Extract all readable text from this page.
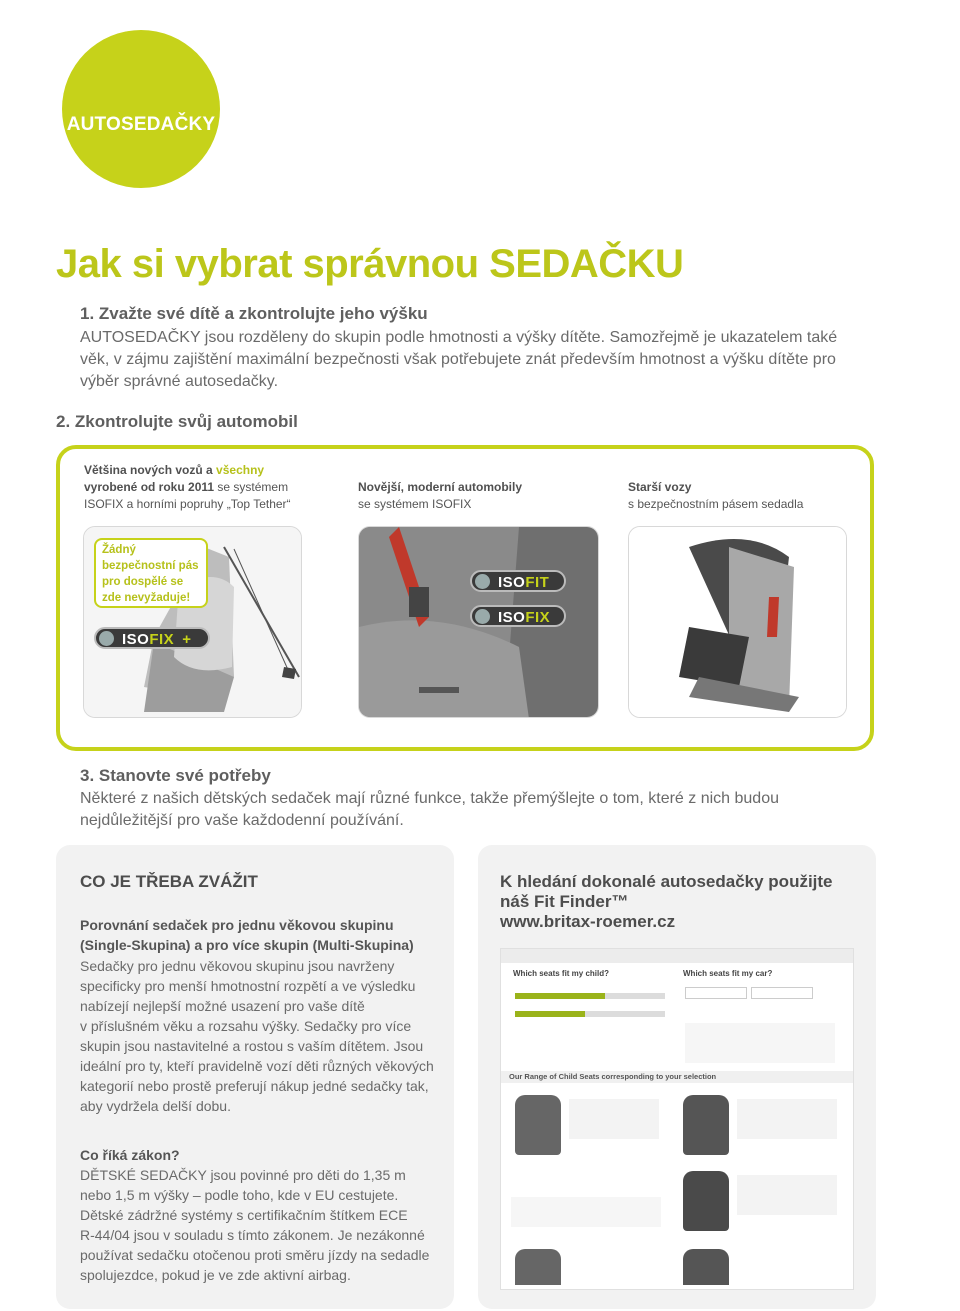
AUTOSEDAČKY
Jak si vybrat správnou SEDAČKU
1. Zvažte své dítě a zkontrolujte jeho výšku
AUTOSEDAČKY jsou rozděleny do skupin podle hmotnosti a výšky dítěte. Samozřejmě je ukazatelem také
věk, v zájmu zajištění maximální bezpečnosti však potřebujete znát především hmotnost a výšku dítěte pro
výběr správné autosedačky.
2. Zkontrolujte svůj automobil
Většina nových vozů a všechny
vyrobené od roku 2011 se systémem
ISOFIX a horními popruhy „Top Tether“
Novější, moderní automobily
se systémem ISOFIX
Starší vozy
s bezpečnostním pásem sedadla
Žádný
bezpečnostní pás
pro dospělé se
zde nevyžaduje!
ISOFIX +
ISOFIT
ISOFIX
3. Stanovte své potřeby
Některé z našich dětských sedaček mají různé funkce, takže přemýšlejte o tom, které z nich budou
nejdůležitější pro vaše každodenní používání.
CO JE TŘEBA ZVÁŽIT
Porovnání sedaček pro jednu věkovou skupinu
(Single-Skupina) a pro více skupin (Multi-Skupina)
Sedačky pro jednu věkovou skupinu jsou navrženy
specificky pro menší hmotnostní rozpětí a ve výsledku
nabízejí nejlepší možné usazení pro vaše dítě
v příslušném věku a rozsahu výšky. Sedačky pro více
skupin jsou nastavitelné a rostou s vaším dítětem. Jsou
ideální pro ty, kteří pravidelně vozí děti různých věkových
kategorií nebo prostě preferují nákup jedné sedačky tak,
aby vydržela delší dobu.
Co říká zákon?
DĚTSKÉ SEDAČKY jsou povinné pro děti do 1,35 m
nebo 1,5 m výšky – podle toho, kde v EU cestujete.
Dětské zádržné systémy s certifikačním štítkem ECE
R-44/04 jsou v souladu s tímto zákonem. Je nezákonné
používat sedačku otočenou proti směru jízdy na sedadle
spolujezdce, pokud je ve zde aktivní airbag.
K hledání dokonalé autosedačky použijte
náš Fit Finder™
www.britax-roemer.cz
Which seats fit my child?	Which seats fit my car?
Our Range of Child Seats corresponding to your selection
